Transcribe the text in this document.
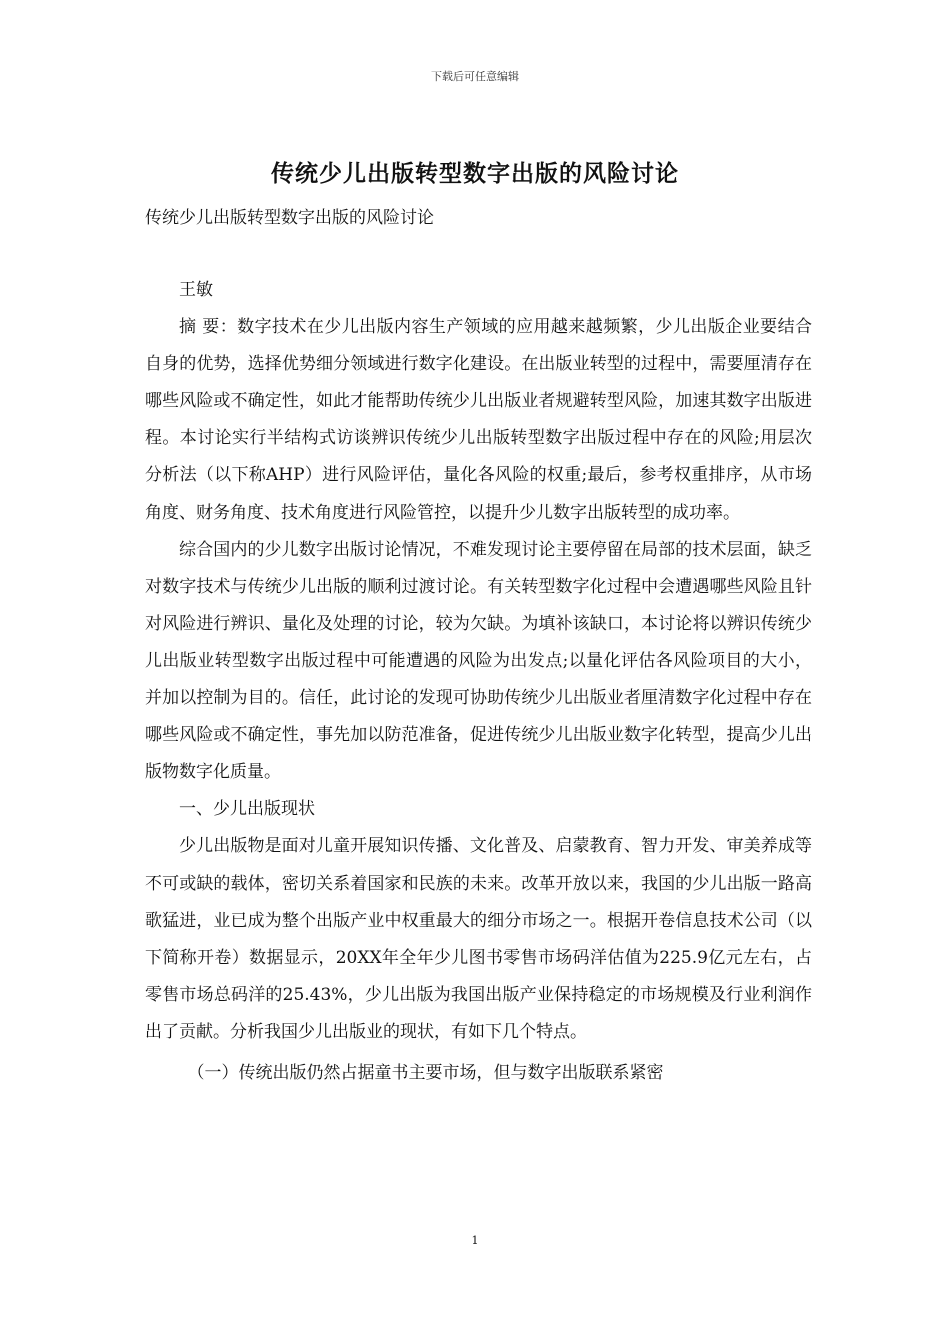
下载后可任意编辑
传统少儿出版转型数字出版的风险讨论
传统少儿出版转型数字出版的风险讨论

王敏

摘 要：数字技术在少儿出版内容生产领域的应用越来越频繁，少儿出版企业要结合自身的优势，选择优势细分领域进行数字化建设。在出版业转型的过程中，需要厘清存在哪些风险或不确定性，如此才能帮助传统少儿出版业者规避转型风险，加速其数字出版进程。本讨论实行半结构式访谈辨识传统少儿出版转型数字出版过程中存在的风险;用层次分析法（以下称AHP）进行风险评估，量化各风险的权重;最后，参考权重排序，从市场角度、财务角度、技术角度进行风险管控，以提升少儿数字出版转型的成功率。

综合国内的少儿数字出版讨论情况，不难发现讨论主要停留在局部的技术层面，缺乏对数字技术与传统少儿出版的顺利过渡讨论。有关转型数字化过程中会遭遇哪些风险且针对风险进行辨识、量化及处理的讨论，较为欠缺。为填补该缺口，本讨论将以辨识传统少儿出版业转型数字出版过程中可能遭遇的风险为出发点;以量化评估各风险项目的大小，并加以控制为目的。信任，此讨论的发现可协助传统少儿出版业者厘清数字化过程中存在哪些风险或不确定性，事先加以防范准备，促进传统少儿出版业数字化转型，提高少儿出版物数字化质量。

一、少儿出版现状

少儿出版物是面对儿童开展知识传播、文化普及、启蒙教育、智力开发、审美养成等不可或缺的载体，密切关系着国家和民族的未来。改革开放以来，我国的少儿出版一路高歌猛进，业已成为整个出版产业中权重最大的细分市场之一。根据开卷信息技术公司（以下简称开卷）数据显示，20XX年全年少儿图书零售市场码洋估值为225.9亿元左右，占零售市场总码洋的25.43%，少儿出版为我国出版产业保持稳定的市场规模及行业利润作出了贡献。分析我国少儿出版业的现状，有如下几个特点。

（一）传统出版仍然占据童书主要市场，但与数字出版联系紧密

1
